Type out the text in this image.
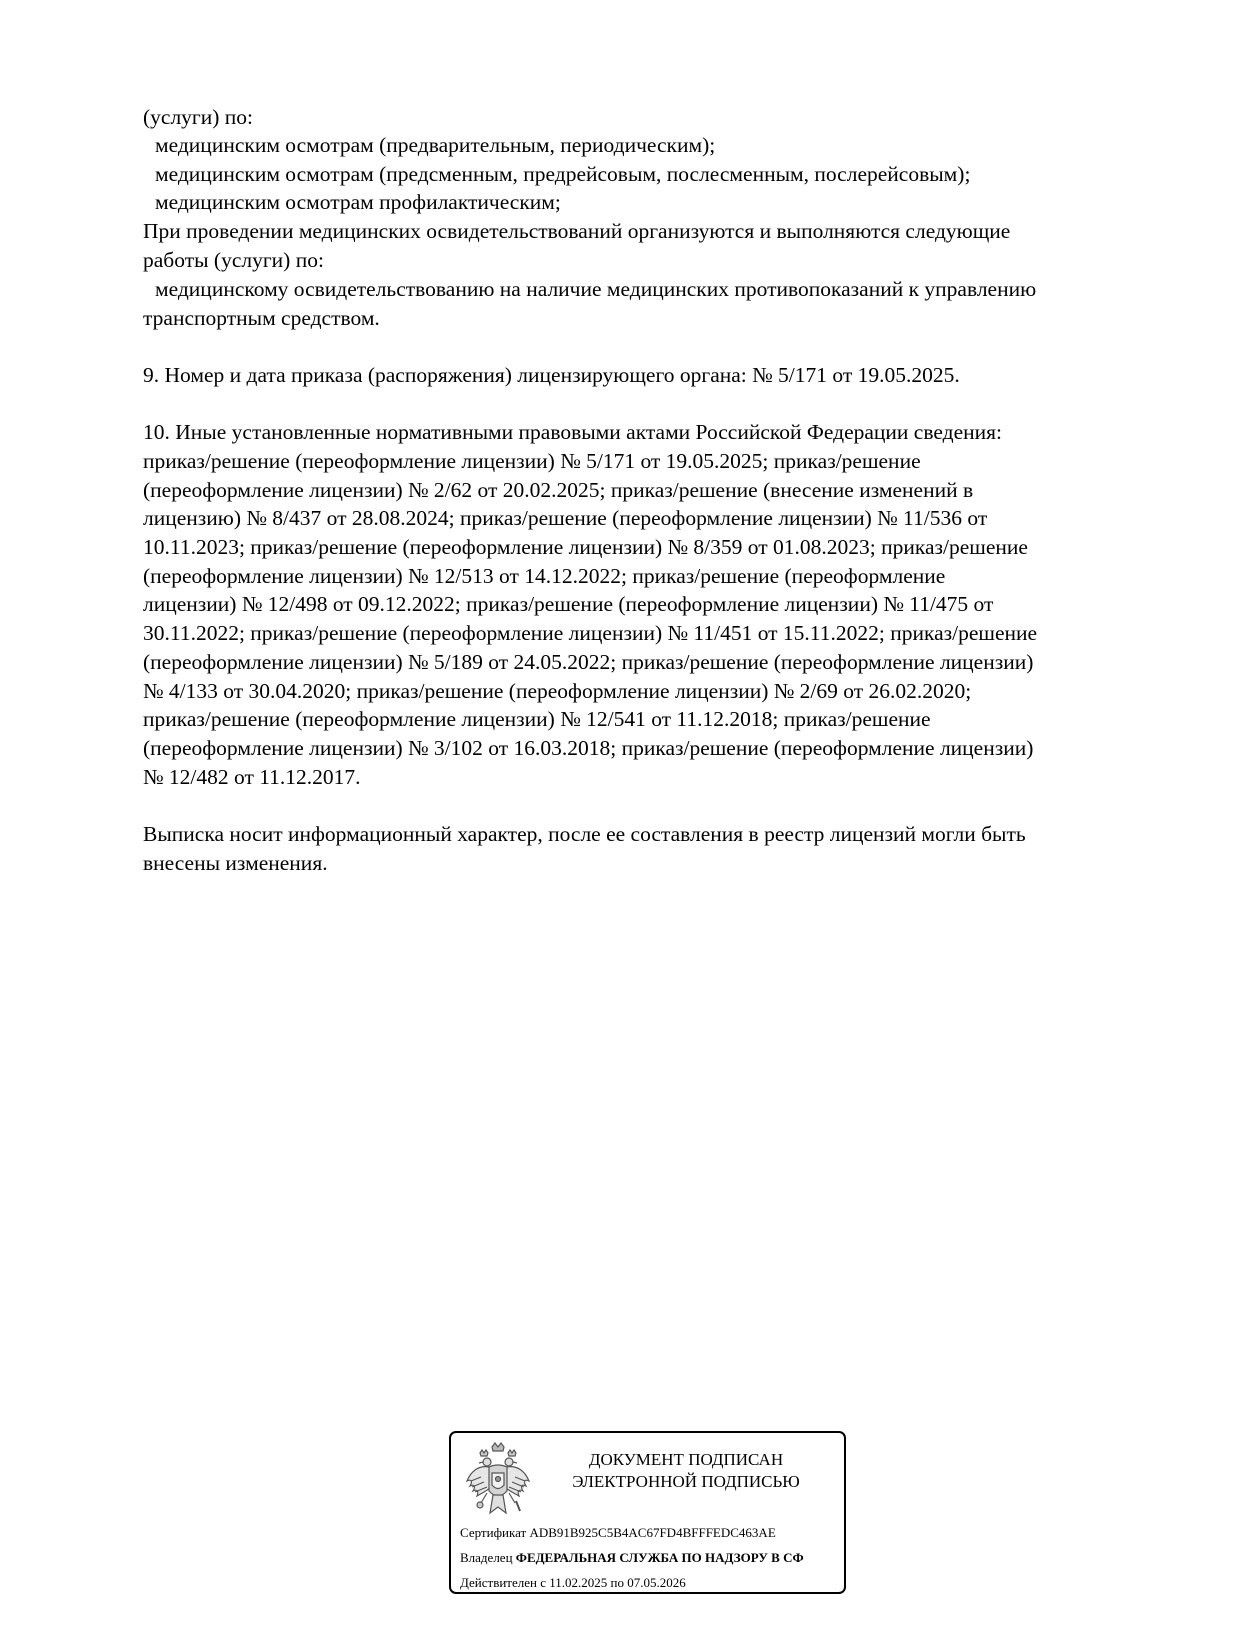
(услуги) по:
медицинским осмотрам (предварительным, периодическим);
медицинским осмотрам (предсменным, предрейсовым, послесменным, послерейсовым);
медицинским осмотрам профилактическим;
При проведении медицинских освидетельствований организуются и выполняются следующие
работы (услуги) по:
медицинскому освидетельствованию на наличие медицинских противопоказаний к управлению
транспортным средством.
9. Номер и дата приказа (распоряжения) лицензирующего органа: № 5/171 от 19.05.2025.
10. Иные установленные нормативными правовыми актами Российской Федерации сведения:
приказ/решение (переоформление лицензии) № 5/171 от 19.05.2025; приказ/решение
(переоформление лицензии) № 2/62 от 20.02.2025; приказ/решение (внесение изменений в
лицензию) № 8/437 от 28.08.2024; приказ/решение (переоформление лицензии) № 11/536 от
10.11.2023; приказ/решение (переоформление лицензии) № 8/359 от 01.08.2023; приказ/решение
(переоформление лицензии) № 12/513 от 14.12.2022; приказ/решение (переоформление
лицензии) № 12/498 от 09.12.2022; приказ/решение (переоформление лицензии) № 11/475 от
30.11.2022; приказ/решение (переоформление лицензии) № 11/451 от 15.11.2022; приказ/решение
(переоформление лицензии) № 5/189 от 24.05.2022; приказ/решение (переоформление лицензии)
№ 4/133 от 30.04.2020; приказ/решение (переоформление лицензии) № 2/69 от 26.02.2020;
приказ/решение (переоформление лицензии) № 12/541 от 11.12.2018; приказ/решение
(переоформление лицензии) № 3/102 от 16.03.2018; приказ/решение (переоформление лицензии)
№ 12/482 от 11.12.2017.
Выписка носит информационный характер, после ее составления в реестр лицензий могли быть
внесены изменения.
ДОКУМЕНТ ПОДПИСАН
ЭЛЕКТРОННОЙ ПОДПИСЬЮ
Сертификат ADB91B925C5B4AC67FD4BFFFEDC463AE
Владелец ФЕДЕРАЛЬНАЯ СЛУЖБА ПО НАДЗОРУ В СФ
Действителен с 11.02.2025 по 07.05.2026
